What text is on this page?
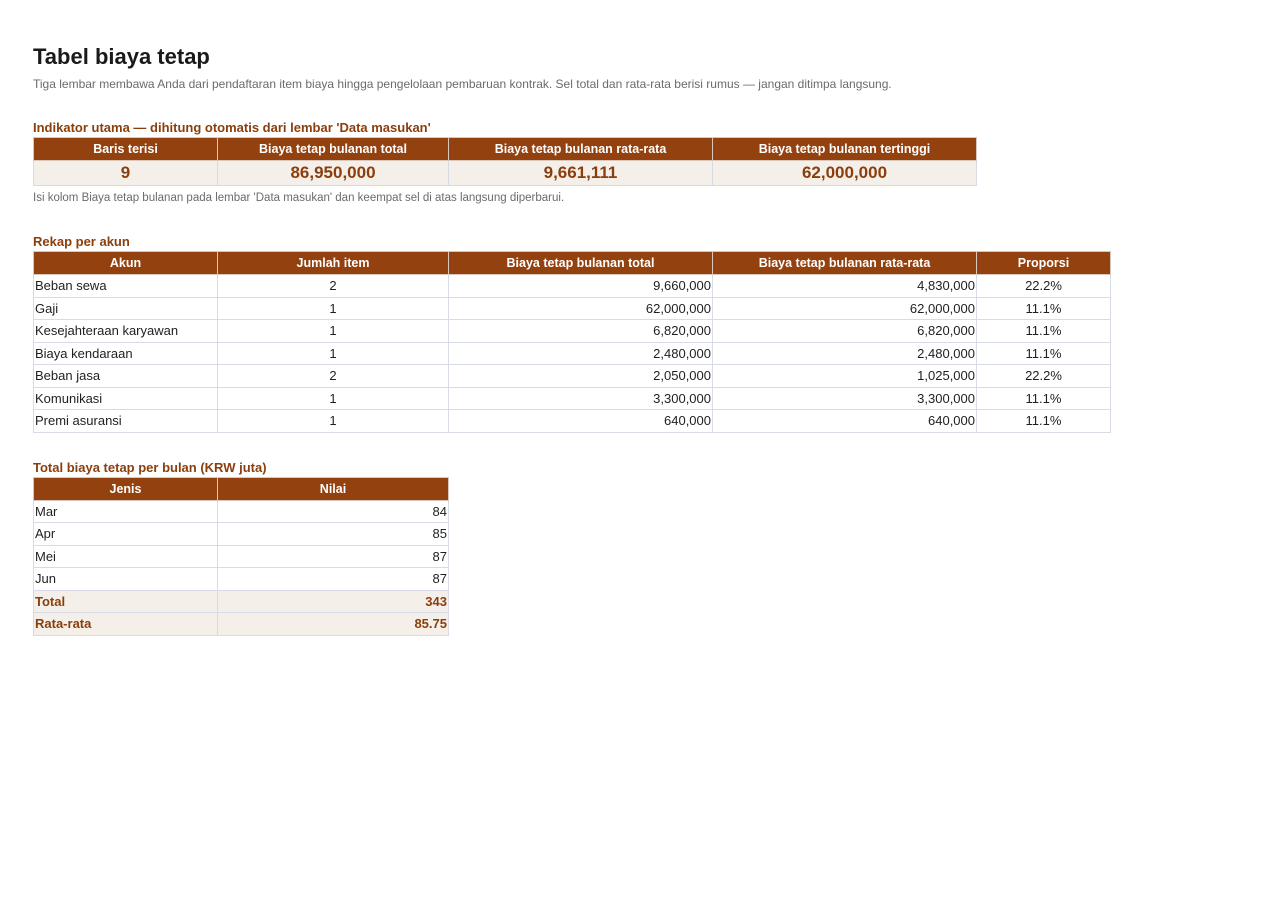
Tabel biaya tetap
Tiga lembar membawa Anda dari pendaftaran item biaya hingga pengelolaan pembaruan kontrak. Sel total dan rata-rata berisi rumus — jangan ditimpa langsung.
Indikator utama — dihitung otomatis dari lembar 'Data masukan'
Baris terisi	Biaya tetap bulanan total	Biaya tetap bulanan rata-rata	Biaya tetap bulanan tertinggi
9	86,950,000	9,661,111	62,000,000
Isi kolom Biaya tetap bulanan pada lembar 'Data masukan' dan keempat sel di atas langsung diperbarui.
Rekap per akun
Akun	Jumlah item	Biaya tetap bulanan total	Biaya tetap bulanan rata-rata	Proporsi
Beban sewa	2	9,660,000	4,830,000	22.2%
Gaji	1	62,000,000	62,000,000	11.1%
Kesejahteraan karyawan	1	6,820,000	6,820,000	11.1%
Biaya kendaraan	1	2,480,000	2,480,000	11.1%
Beban jasa	2	2,050,000	1,025,000	22.2%
Komunikasi	1	3,300,000	3,300,000	11.1%
Premi asuransi	1	640,000	640,000	11.1%
Total biaya tetap per bulan (KRW juta)
Jenis	Nilai
Mar	84
Apr	85
Mei	87
Jun	87
Total	343
Rata-rata	85.75
